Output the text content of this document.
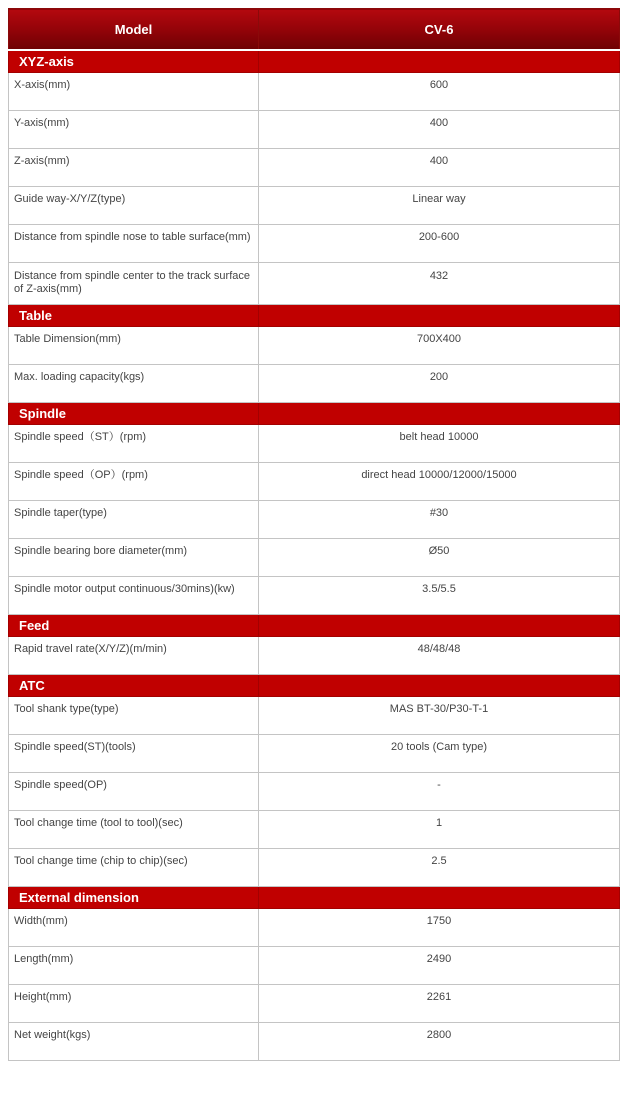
Model	CV-6
XYZ-axis	
X-axis(mm)	600
Y-axis(mm)	400
Z-axis(mm)	400
Guide way-X/Y/Z(type)	Linear way
Distance from spindle nose to table surface(mm)	200-600
Distance from spindle center to the track surface of Z-axis(mm)	432
Table	
Table Dimension(mm)	700X400
Max. loading capacity(kgs)	200
Spindle	
Spindle speed（ST）(rpm)	belt head 10000
Spindle speed（OP）(rpm)	direct head 10000/12000/15000
Spindle taper(type)	#30
Spindle bearing bore diameter(mm)	Ø50
Spindle motor output continuous/30mins)(kw)	3.5/5.5
Feed	
Rapid travel rate(X/Y/Z)(m/min)	48/48/48
ATC	
Tool shank type(type)	MAS BT-30/P30-T-1
Spindle speed(ST)(tools)	20 tools (Cam type)
Spindle speed(OP)	-
Tool change time (tool to tool)(sec)	1
Tool change time (chip to chip)(sec)	2.5
External dimension	
Width(mm)	1750
Length(mm)	2490
Height(mm)	2261
Net weight(kgs)	2800
